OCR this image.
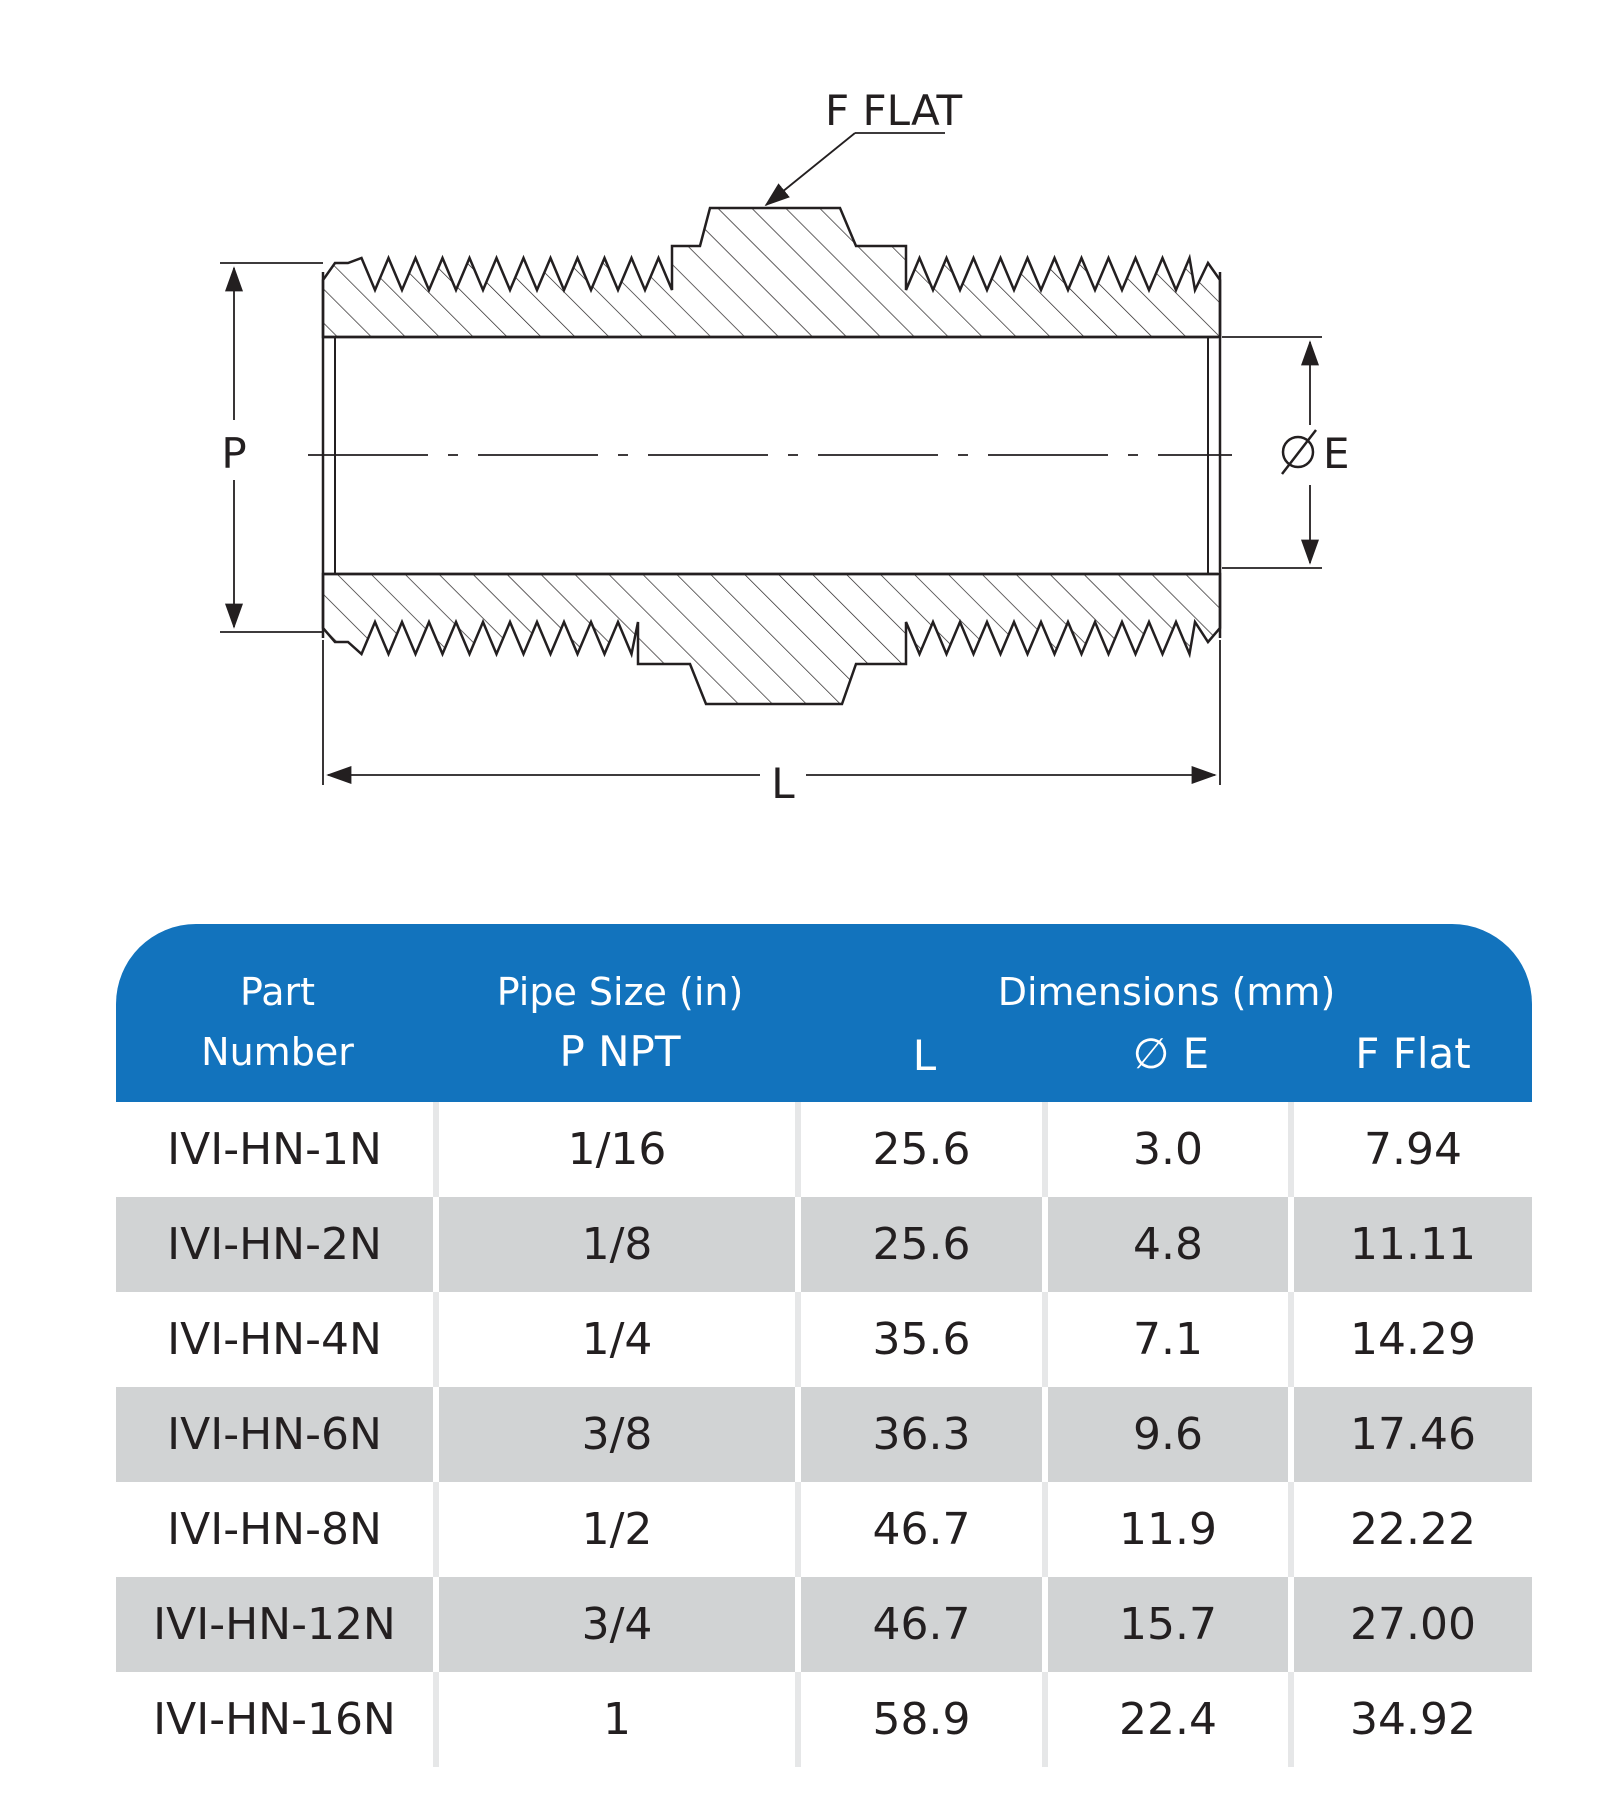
P	E
L
F FLAT
Part
Number
Pipe Size (in)
P NPT
Dimensions (mm)
L	∅ E	F Flat
IVI-HN-1N	1/16	25.6	3.0	7.94
IVI-HN-2N	1/8	25.6	4.8	11.11
IVI-HN-4N	1/4	35.6	7.1	14.29
IVI-HN-6N	3/8	36.3	9.6	17.46
IVI-HN-8N	1/2	46.7	11.9	22.22
IVI-HN-12N	3/4	46.7	15.7	27.00
IVI-HN-16N	1	58.9	22.4	34.92
